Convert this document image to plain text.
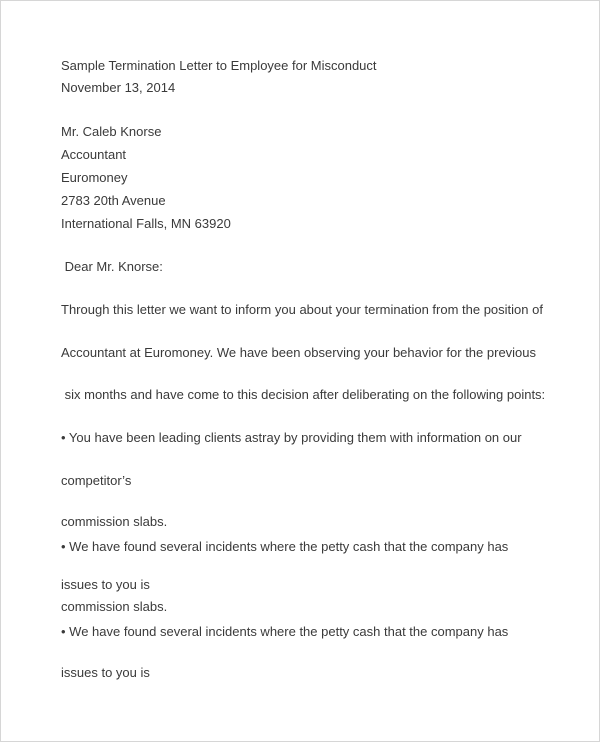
Sample Termination Letter to Employee for Misconduct
November 13, 2014
Mr. Caleb Knorse
Accountant
Euromoney
2783 20th Avenue
International Falls, MN 63920
Dear Mr. Knorse:
Through this letter we want to inform you about your termination from the position of
Accountant at Euromoney. We have been observing your behavior for the previous
six months and have come to this decision after deliberating on the following points:
• You have been leading clients astray by providing them with information on our
competitor’s
commission slabs.
• We have found several incidents where the petty cash that the company has
issues to you is
commission slabs.
• We have found several incidents where the petty cash that the company has
issues to you is
